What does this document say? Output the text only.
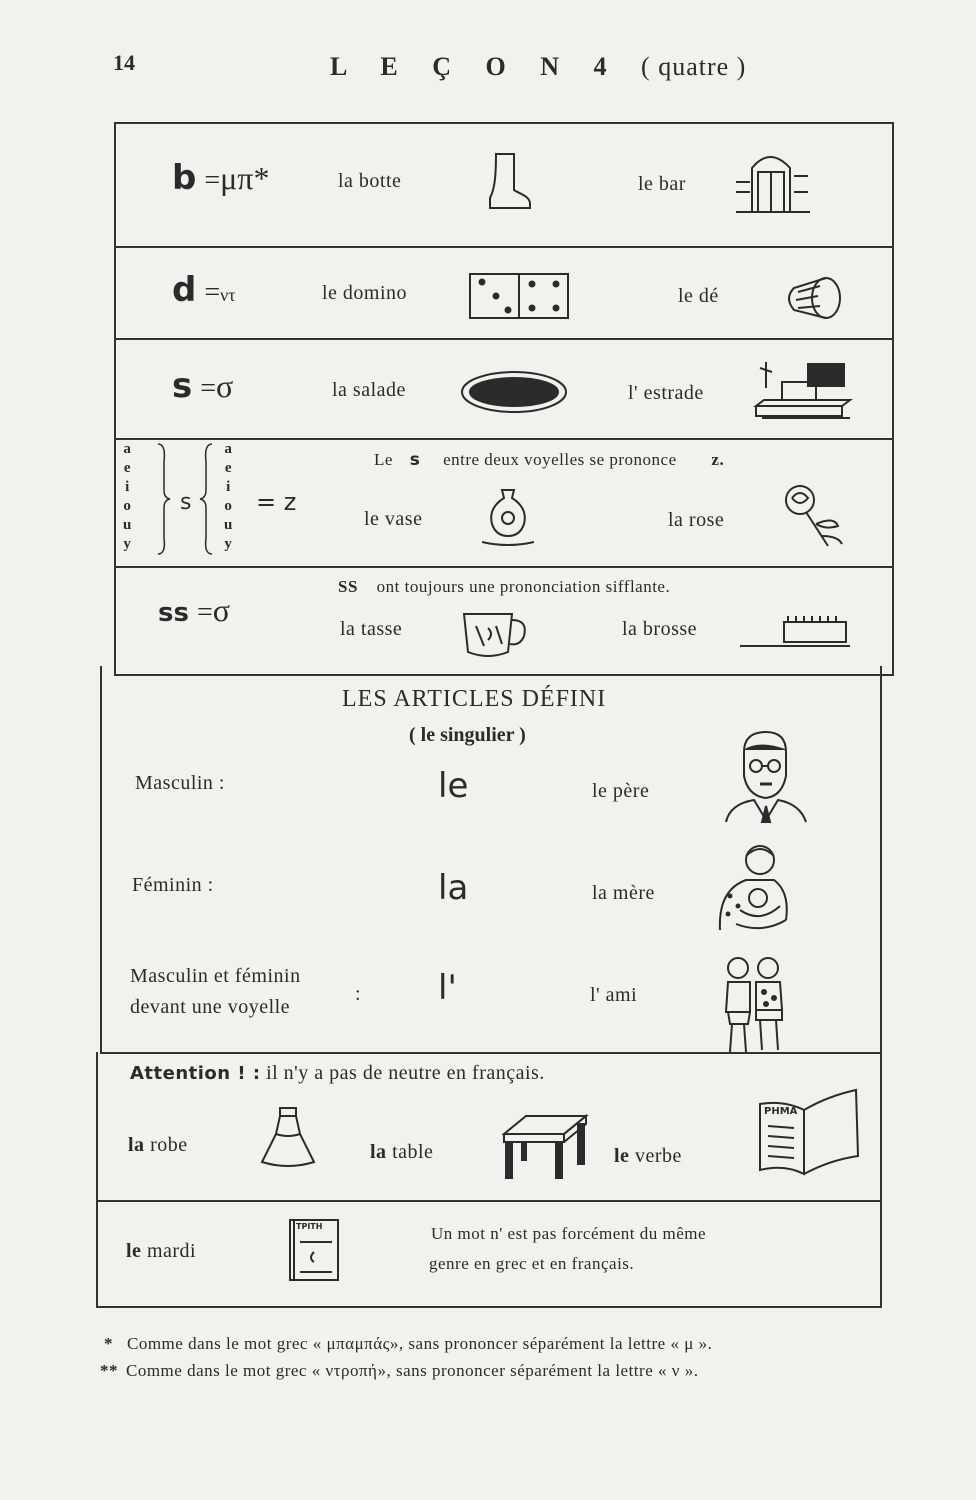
14	L E Ç O N 4 ( quatre )
b =μπ*	la botte	le bar
d =ντ	le domino	le dé
s =σ	la salade	l' estrade
a
e
i
o
u
y
s
a
e
i
o
u
y
= z
Le s entre deux voyelles se prononce z.
le vase	la rose
ss =σ
SS ont toujours une prononciation sifflante.
la tasse	la brosse
LES ARTICLES DÉFINI
( le singulier )
Masculin :	le	le père
Féminin :	la	la mère
Masculin et féminin
devant une voyelle
: l'	l' ami
Attention ! : il n'y a pas de neutre en français.
la robe	la table	le verbe
PHMA
le mardi
TPITH	Un mot n' est pas forcément du même
genre en grec et en français.
* Comme dans le mot grec « μπαμπάς», sans prononcer séparément la lettre « μ ».
** Comme dans le mot grec « ντροπή», sans prononcer séparément la lettre « ν ».
